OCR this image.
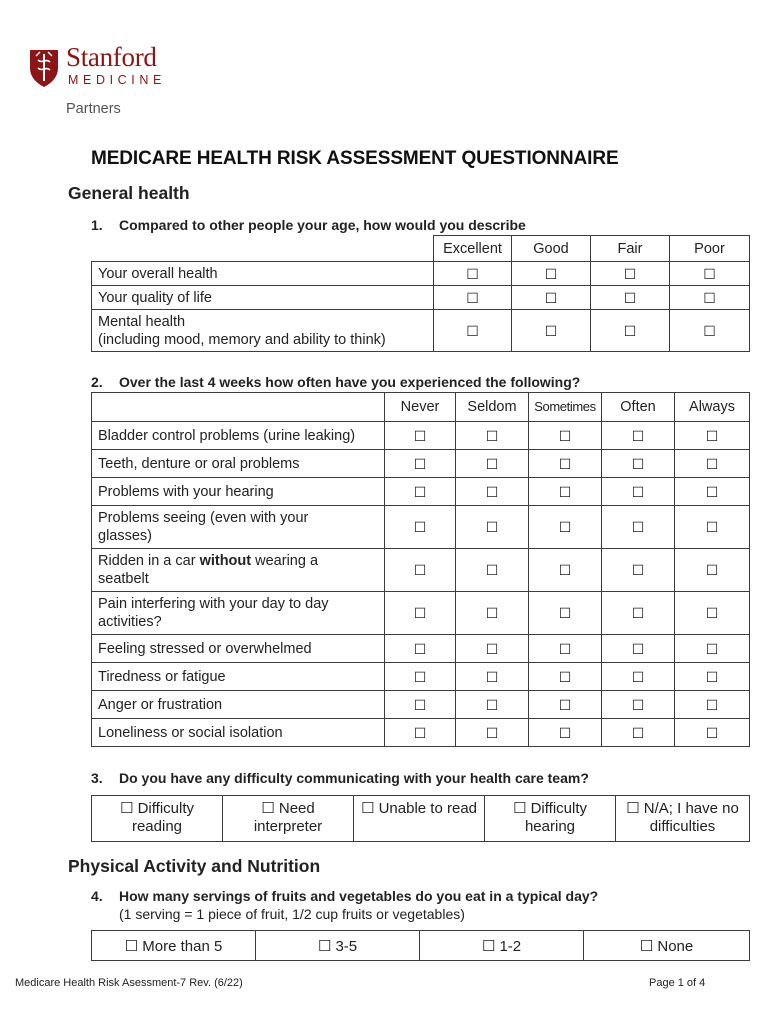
Stanford
MEDICINE
Partners
MEDICARE HEALTH RISK ASSESSMENT QUESTIONNAIRE
General health
1. Compared to other people your age, how would you describe
	Excellent	Good	Fair	Poor
Your overall health	☐	☐	☐	☐
Your quality of life	☐	☐	☐	☐
Mental health
(including mood, memory and ability to think)	☐	☐	☐	☐
2. Over the last 4 weeks how often have you experienced the following?
	Never	Seldom	Sometimes	Often	Always
Bladder control problems (urine leaking)	☐	☐	☐	☐	☐
Teeth, denture or oral problems	☐	☐	☐	☐	☐
Problems with your hearing	☐	☐	☐	☐	☐
Problems seeing (even with your
glasses)	☐	☐	☐	☐	☐
Ridden in a car without wearing a
seatbelt	☐	☐	☐	☐	☐
Pain interfering with your day to day
activities?	☐	☐	☐	☐	☐
Feeling stressed or overwhelmed	☐	☐	☐	☐	☐
Tiredness or fatigue	☐	☐	☐	☐	☐
Anger or frustration	☐	☐	☐	☐	☐
Loneliness or social isolation	☐	☐	☐	☐	☐
3. Do you have any difficulty communicating with your health care team?
☐ Difficulty
reading	☐ Need
interpreter	☐ Unable to read	☐ Difficulty
hearing	☐ N/A; I have no
difficulties
Physical Activity and Nutrition
4. How many servings of fruits and vegetables do you eat in a typical day?
(1 serving = 1 piece of fruit, 1/2 cup fruits or vegetables)
☐ More than 5	☐ 3-5	☐ 1-2	☐ None
Medicare Health Risk Asessment-7 Rev. (6/22)	Page 1 of 4
